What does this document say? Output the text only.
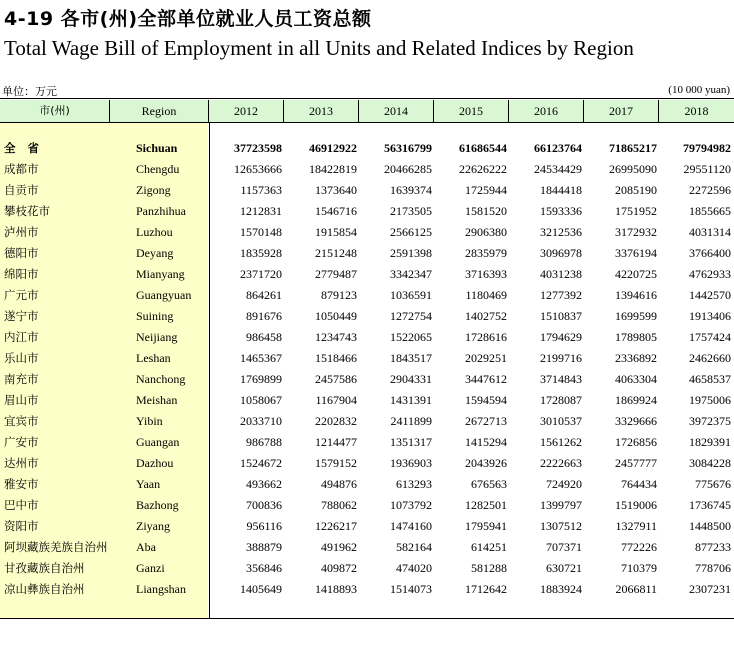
4-19 各市(州)全部单位就业人员工资总额
Total Wage Bill of Employment in all Units and Related Indices by Region
单位：万元	(10 000 yuan)
市(州)	Region	2012	2013	2014	2015	2016	2017	2018
全 省	Sichuan	37723598 46912922 56316799 61686544 66123764 71865217 79794982
成都市	Chengdu	12653666 18422819 20466285 22626222 24534429 26995090 29551120
自贡市	Zigong	1157363	1373640	1639374	1725944	1844418	2085190	2272596
攀枝花市	Panzhihua	1212831	1546716	2173505	1581520	1593336	1751952	1855665
泸州市	Luzhou	1570148	1915854	2566125	2906380	3212536	3172932	4031314
德阳市	Deyang	1835928	2151248	2591398	2835979	3096978	3376194	3766400
绵阳市	Mianyang	2371720	2779487	3342347	3716393	4031238	4220725	4762933
广元市	Guangyuan	864261	879123	1036591	1180469	1277392	1394616	1442570
遂宁市	Suining	891676	1050449	1272754	1402752	1510837	1699599	1913406
内江市	Neijiang	986458	1234743	1522065	1728616	1794629	1789805	1757424
乐山市	Leshan	1465367	1518466	1843517	2029251	2199716	2336892	2462660
南充市	Nanchong	1769899	2457586	2904331	3447612	3714843	4063304	4658537
眉山市	Meishan	1058067	1167904	1431391	1594594	1728087	1869924	1975006
宜宾市	Yibin	2033710	2202832	2411899	2672713	3010537	3329666	3972375
广安市	Guangan	986788	1214477	1351317	1415294	1561262	1726856	1829391
达州市	Dazhou	1524672	1579152	1936903	2043926	2222663	2457777	3084228
雅安市	Yaan	493662	494876	613293	676563	724920	764434	775676
巴中市	Bazhong	700836	788062	1073792	1282501	1399797	1519006	1736745
资阳市	Ziyang	956116	1226217	1474160	1795941	1307512	1327911	1448500
阿坝藏族羌族自治州 Aba	388879	491962	582164	614251	707371	772226	877233
甘孜藏族自治州	Ganzi	356846	409872	474020	581288	630721	710379	778706
凉山彝族自治州	Liangshan	1405649	1418893	1514073	1712642	1883924	2066811	2307231
